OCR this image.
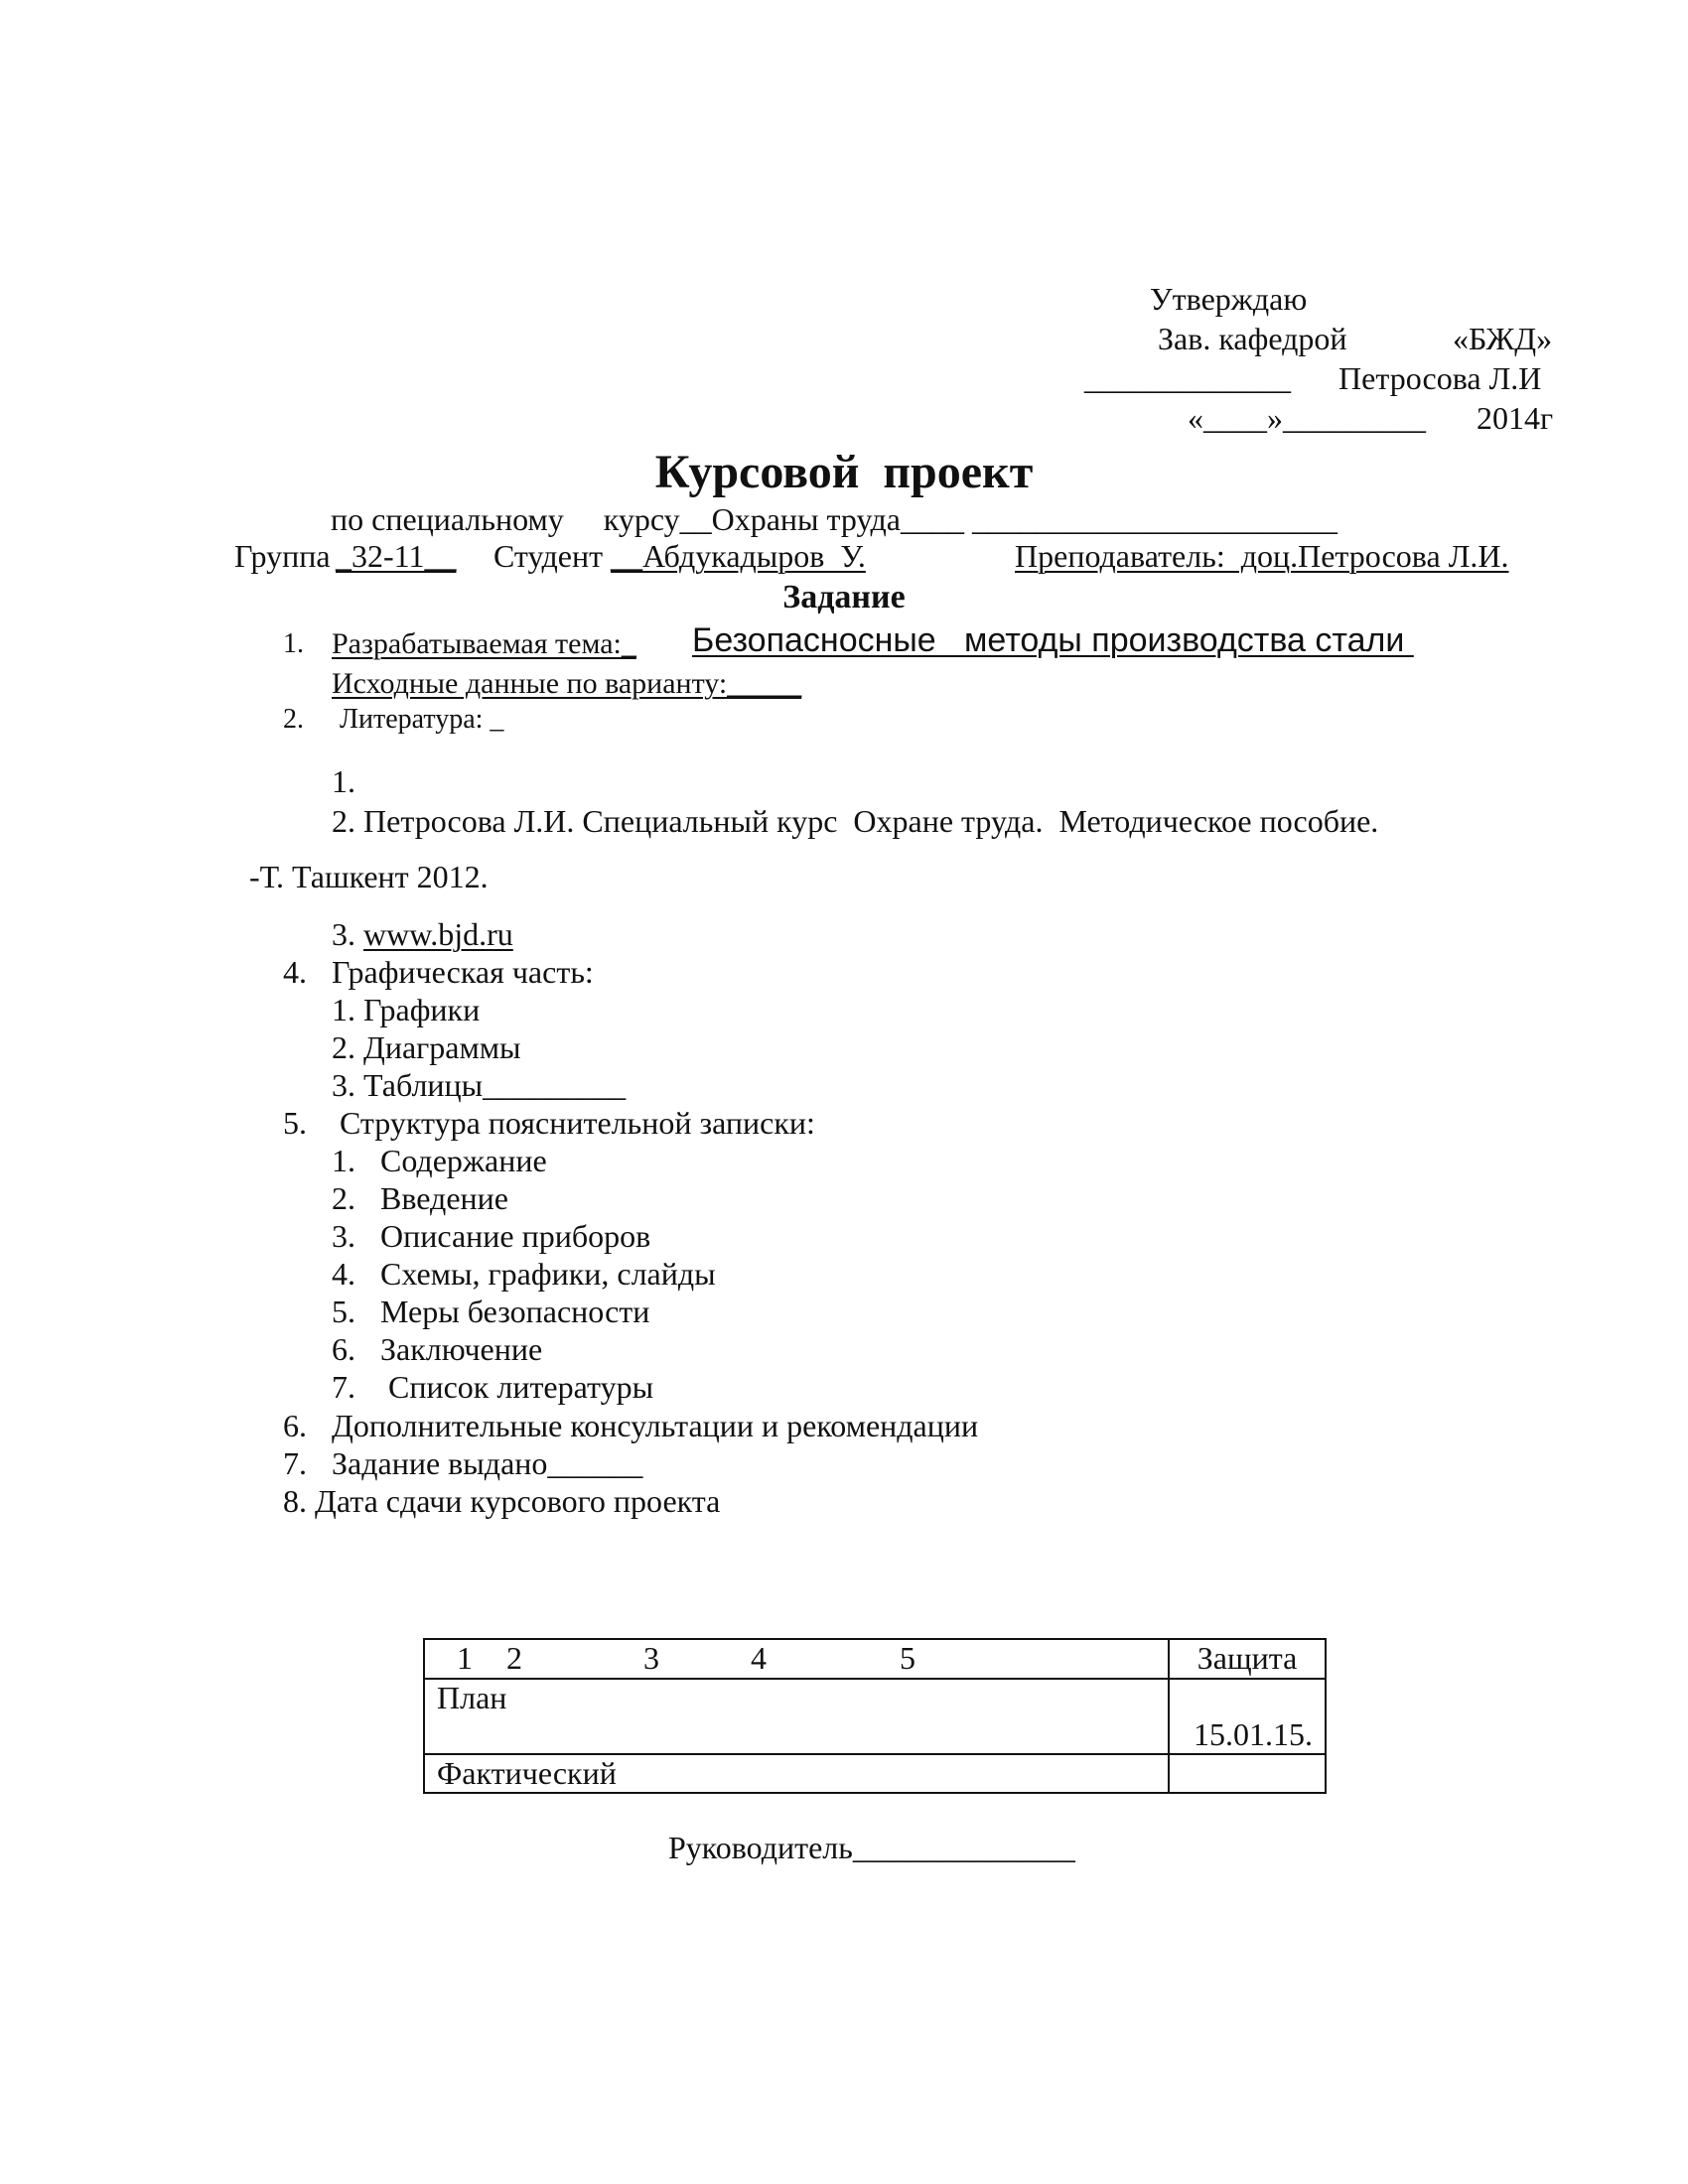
Утверждаю
Зав. кафедрой	«БЖД»
_____________ Петросова Л.И
«____»_________ 2014г
Курсовой  проект
по специальному     курсу__Охраны труда____ _______________________
Группа _32-11__ Студент __Абдукадыров  У.	Преподаватель:  доц.Петросова Л.И.
Задание
1. Разрабатываемая тема:_ Безопасносные   методы производства стали
Исходные данные по варианту:_____
2. Литература: _
1.
2. Петросова Л.И. Специальный курс  Охране труда.  Методическое пособие.
-Т. Ташкент 2012.
3. www.bjd.ru
4. Графическая часть:
1. Графики
2. Диаграммы
3. Таблицы_________
5. Структура пояснительной записки:
1. Содержание
2. Введение
3. Описание приборов
4. Схемы, графики, слайды
5. Меры безопасности
6. Заключение
7. Список литературы
6. Дополнительные консультации и рекомендации
7. Задание выдано______
8. Дата сдачи курсового проекта
1 2 3 4 5	Защита
План	15.01.15.
Фактический	
Руководитель______________
